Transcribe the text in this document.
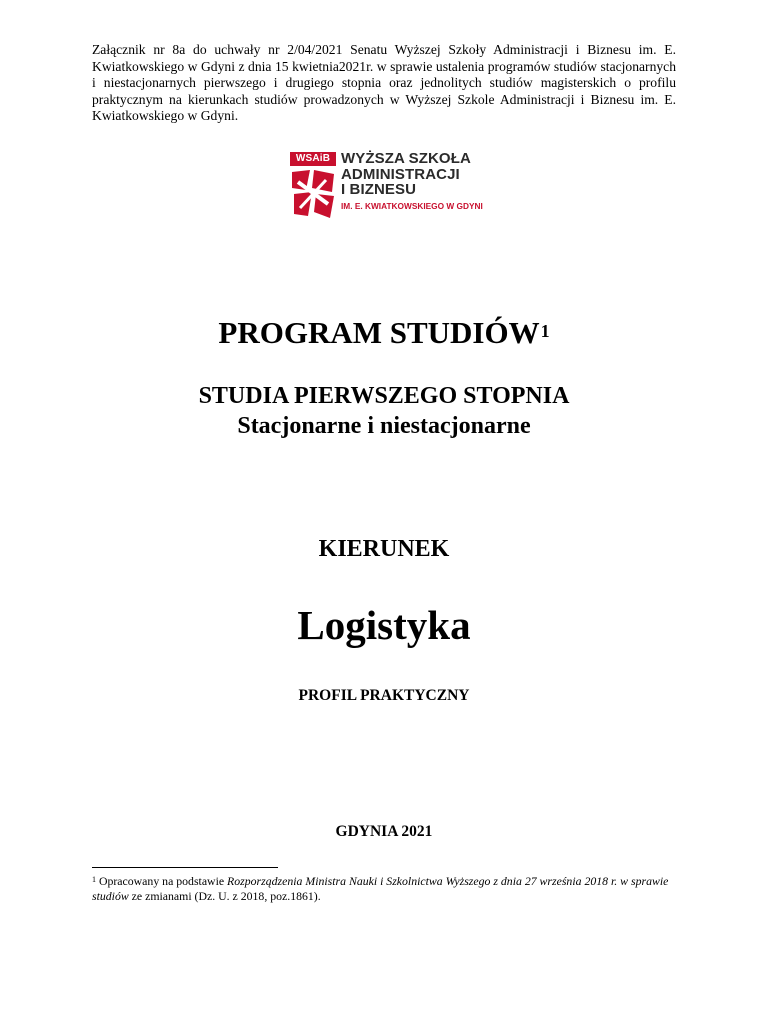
Załącznik nr 8a do uchwały nr 2/04/2021 Senatu Wyższej Szkoły Administracji i Biznesu im. E. Kwiatkowskiego w Gdyni z dnia 15 kwietnia2021r. w sprawie ustalenia programów studiów stacjonarnych i niestacjonarnych pierwszego i drugiego stopnia oraz jednolitych studiów magisterskich o profilu praktycznym na kierunkach studiów prowadzonych w Wyższej Szkole Administracji i Biznesu im. E. Kwiatkowskiego w Gdyni.
WSAiB WYŻSZA SZKOŁA
ADMINISTRACJI
I BIZNESU
IM. E. KWIATKOWSKIEGO W GDYNI
PROGRAM STUDIÓW$^1$
STUDIA PIERWSZEGO STOPNIA
Stacjonarne i niestacjonarne
KIERUNEK
Logistyka
PROFIL PRAKTYCZNY
GDYNIA 2021
$^1$ Opracowany na podstawie Rozporządzenia Ministra Nauki i Szkolnictwa Wyższego z dnia 27 września 2018 r. w sprawie studiów ze zmianami (Dz. U. z 2018, poz.1861).
